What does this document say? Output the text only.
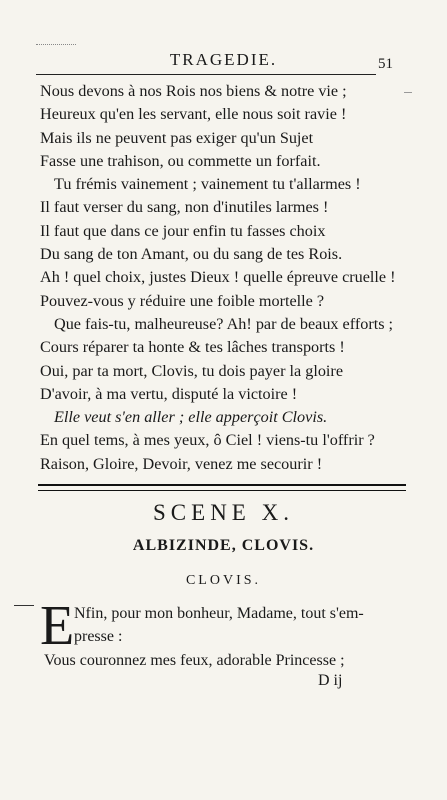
TRAGEDIE.	51
Nous devons à nos Rois nos biens & notre vie ;
Heureux qu'en les servant, elle nous soit ravie !
Mais ils ne peuvent pas exiger qu'un Sujet
Fasse une trahison, ou commette un forfait.
Tu frémis vainement ; vainement tu t'allarmes !
Il faut verser du sang, non d'inutiles larmes !
Il faut que dans ce jour enfin tu fasses choix
Du sang de ton Amant, ou du sang de tes Rois.
Ah ! quel choix, justes Dieux ! quelle épreuve cruelle !
Pouvez-vous y réduire une foible mortelle ?
Que fais-tu, malheureuse? Ah! par de beaux efforts ;
Cours réparer ta honte & tes lâches transports !
Oui, par ta mort, Clovis, tu dois payer la gloire
D'avoir, à ma vertu, disputé la victoire !
Elle veut s'en aller ; elle apperçoit Clovis.
En quel tems, à mes yeux, ô Ciel ! viens-tu l'offrir ?
Raison, Gloire, Devoir, venez me secourir !
SCENE X.
ALBIZINDE, CLOVIS.
CLOVIS.
E Nfin, pour mon bonheur, Madame, tout s'em-
presse :
Vous couronnez mes feux, adorable Princesse ;
D ij
